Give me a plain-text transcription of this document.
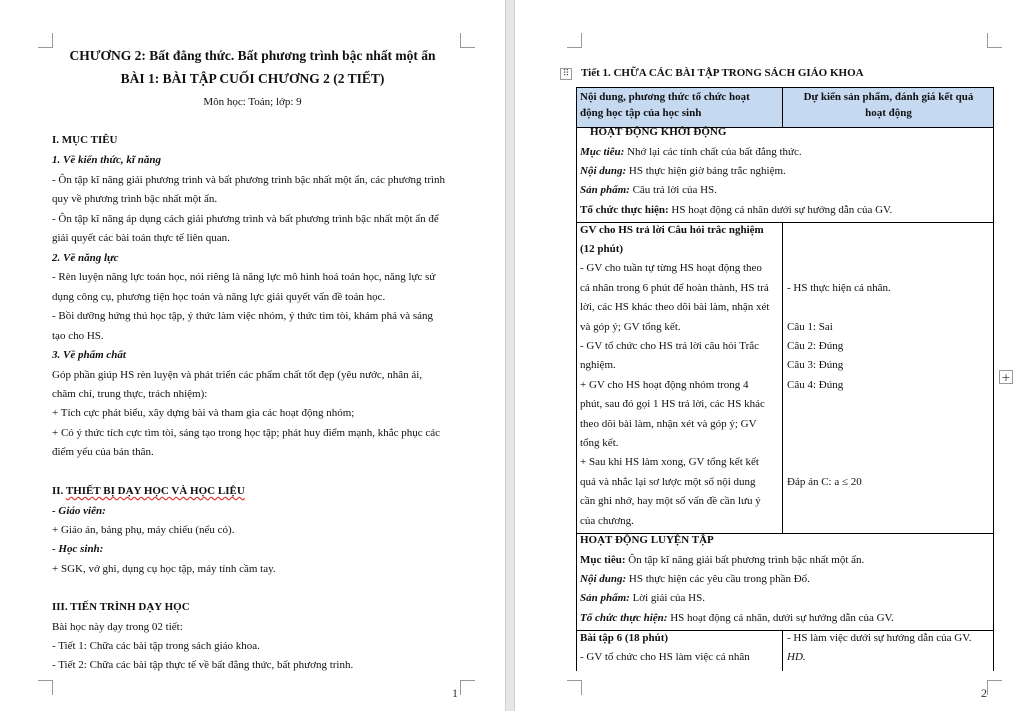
CHƯƠNG 2: Bất đẳng thức. Bất phương trình bậc nhất một ẩn
BÀI 1: BÀI TẬP CUỐI CHƯƠNG 2 (2 TIẾT)
Môn học: Toán; lớp: 9
I. MỤC TIÊU
1. Về kiến thức, kĩ năng
- Ôn tập kĩ năng giải phương trình và bất phương trình bậc nhất một ẩn, các phương trình
quy về phương trình bậc nhất một ẩn.
- Ôn tập kĩ năng áp dụng cách giải phương trình và bất phương trình bậc nhất một ẩn để
giải quyết các bài toán thực tế liên quan.
2. Về năng lực
- Rèn luyện năng lực toán học, nói riêng là năng lực mô hình hoá toán học, năng lực sử
dụng công cụ, phương tiện học toán và năng lực giải quyết vấn đề toán học.
- Bồi dưỡng hứng thú học tập, ý thức làm việc nhóm, ý thức tìm tòi, khám phá và sáng
tạo cho HS.
3. Về phẩm chất
Góp phần giúp HS rèn luyện và phát triển các phẩm chất tốt đẹp (yêu nước, nhân ái,
chăm chỉ, trung thực, trách nhiệm):
+ Tích cực phát biểu, xây dựng bài và tham gia các hoạt động nhóm;
+ Có ý thức tích cực tìm tòi, sáng tạo trong học tập; phát huy điểm mạnh, khắc phục các
điểm yếu của bản thân.
II. THIẾT BỊ DẠY HỌC VÀ HỌC LIỆU
- Giáo viên:
+ Giáo án, bảng phụ, máy chiếu (nếu có).
- Học sinh:
+ SGK, vở ghi, dụng cụ học tập, máy tính cầm tay.
III. TIẾN TRÌNH DẠY HỌC
Bài học này dạy trong 02 tiết:
- Tiết 1: Chữa các bài tập trong sách giáo khoa.
- Tiết 2: Chữa các bài tập thực tế về bất đẳng thức, bất phương trình.
1
⠿
+
Tiết 1. CHỮA CÁC BÀI TẬP TRONG SÁCH GIÁO KHOA
Nội dung, phương thức tổ chức hoạt
động học tập của học sinh
Dự kiến sản phẩm, đánh giá kết quả
hoạt động
HOẠT ĐỘNG KHỞI ĐỘNG
Mục tiêu: Nhớ lại các tính chất của bất đẳng thức.
Nội dung: HS thực hiện giờ bảng trắc nghiệm.
Sản phẩm: Câu trả lời của HS.
Tổ chức thực hiện: HS hoạt động cá nhân dưới sự hướng dẫn của GV.
GV cho HS trả lời Câu hỏi trắc nghiệm
(12 phút)
- GV cho tuần tự từng HS hoạt động theo
cá nhân trong 6 phút để hoàn thành, HS trả
lời, các HS khác theo dõi bài làm, nhận xét
và góp ý; GV tổng kết.
- GV tổ chức cho HS trả lời câu hỏi Trắc
nghiệm.
+ GV cho HS hoạt động nhóm trong 4
phút, sau đó gọi 1 HS trả lời, các HS khác
theo dõi bài làm, nhận xét và góp ý; GV
tổng kết.
+ Sau khi HS làm xong, GV tổng kết kết
quả và nhắc lại sơ lược một số nội dung
cần ghi nhớ, hay một số vấn đề cần lưu ý
của chương.
- HS thực hiện cá nhân.
Câu 1: Sai
Câu 2: Đúng
Câu 3: Đúng
Câu 4: Đúng
Đáp án C: a ≤ 20
HOẠT ĐỘNG LUYỆN TẬP
Mục tiêu: Ôn tập kĩ năng giải bất phương trình bậc nhất một ẩn.
Nội dung: HS thực hiện các yêu cầu trong phần Đố.
Sản phẩm: Lời giải của HS.
Tổ chức thực hiện: HS hoạt động cá nhân, dưới sự hướng dẫn của GV.
Bài tập 6 (18 phút)
- GV tổ chức cho HS làm việc cá nhân
- HS làm việc dưới sự hướng dẫn của GV.
HD.
2
